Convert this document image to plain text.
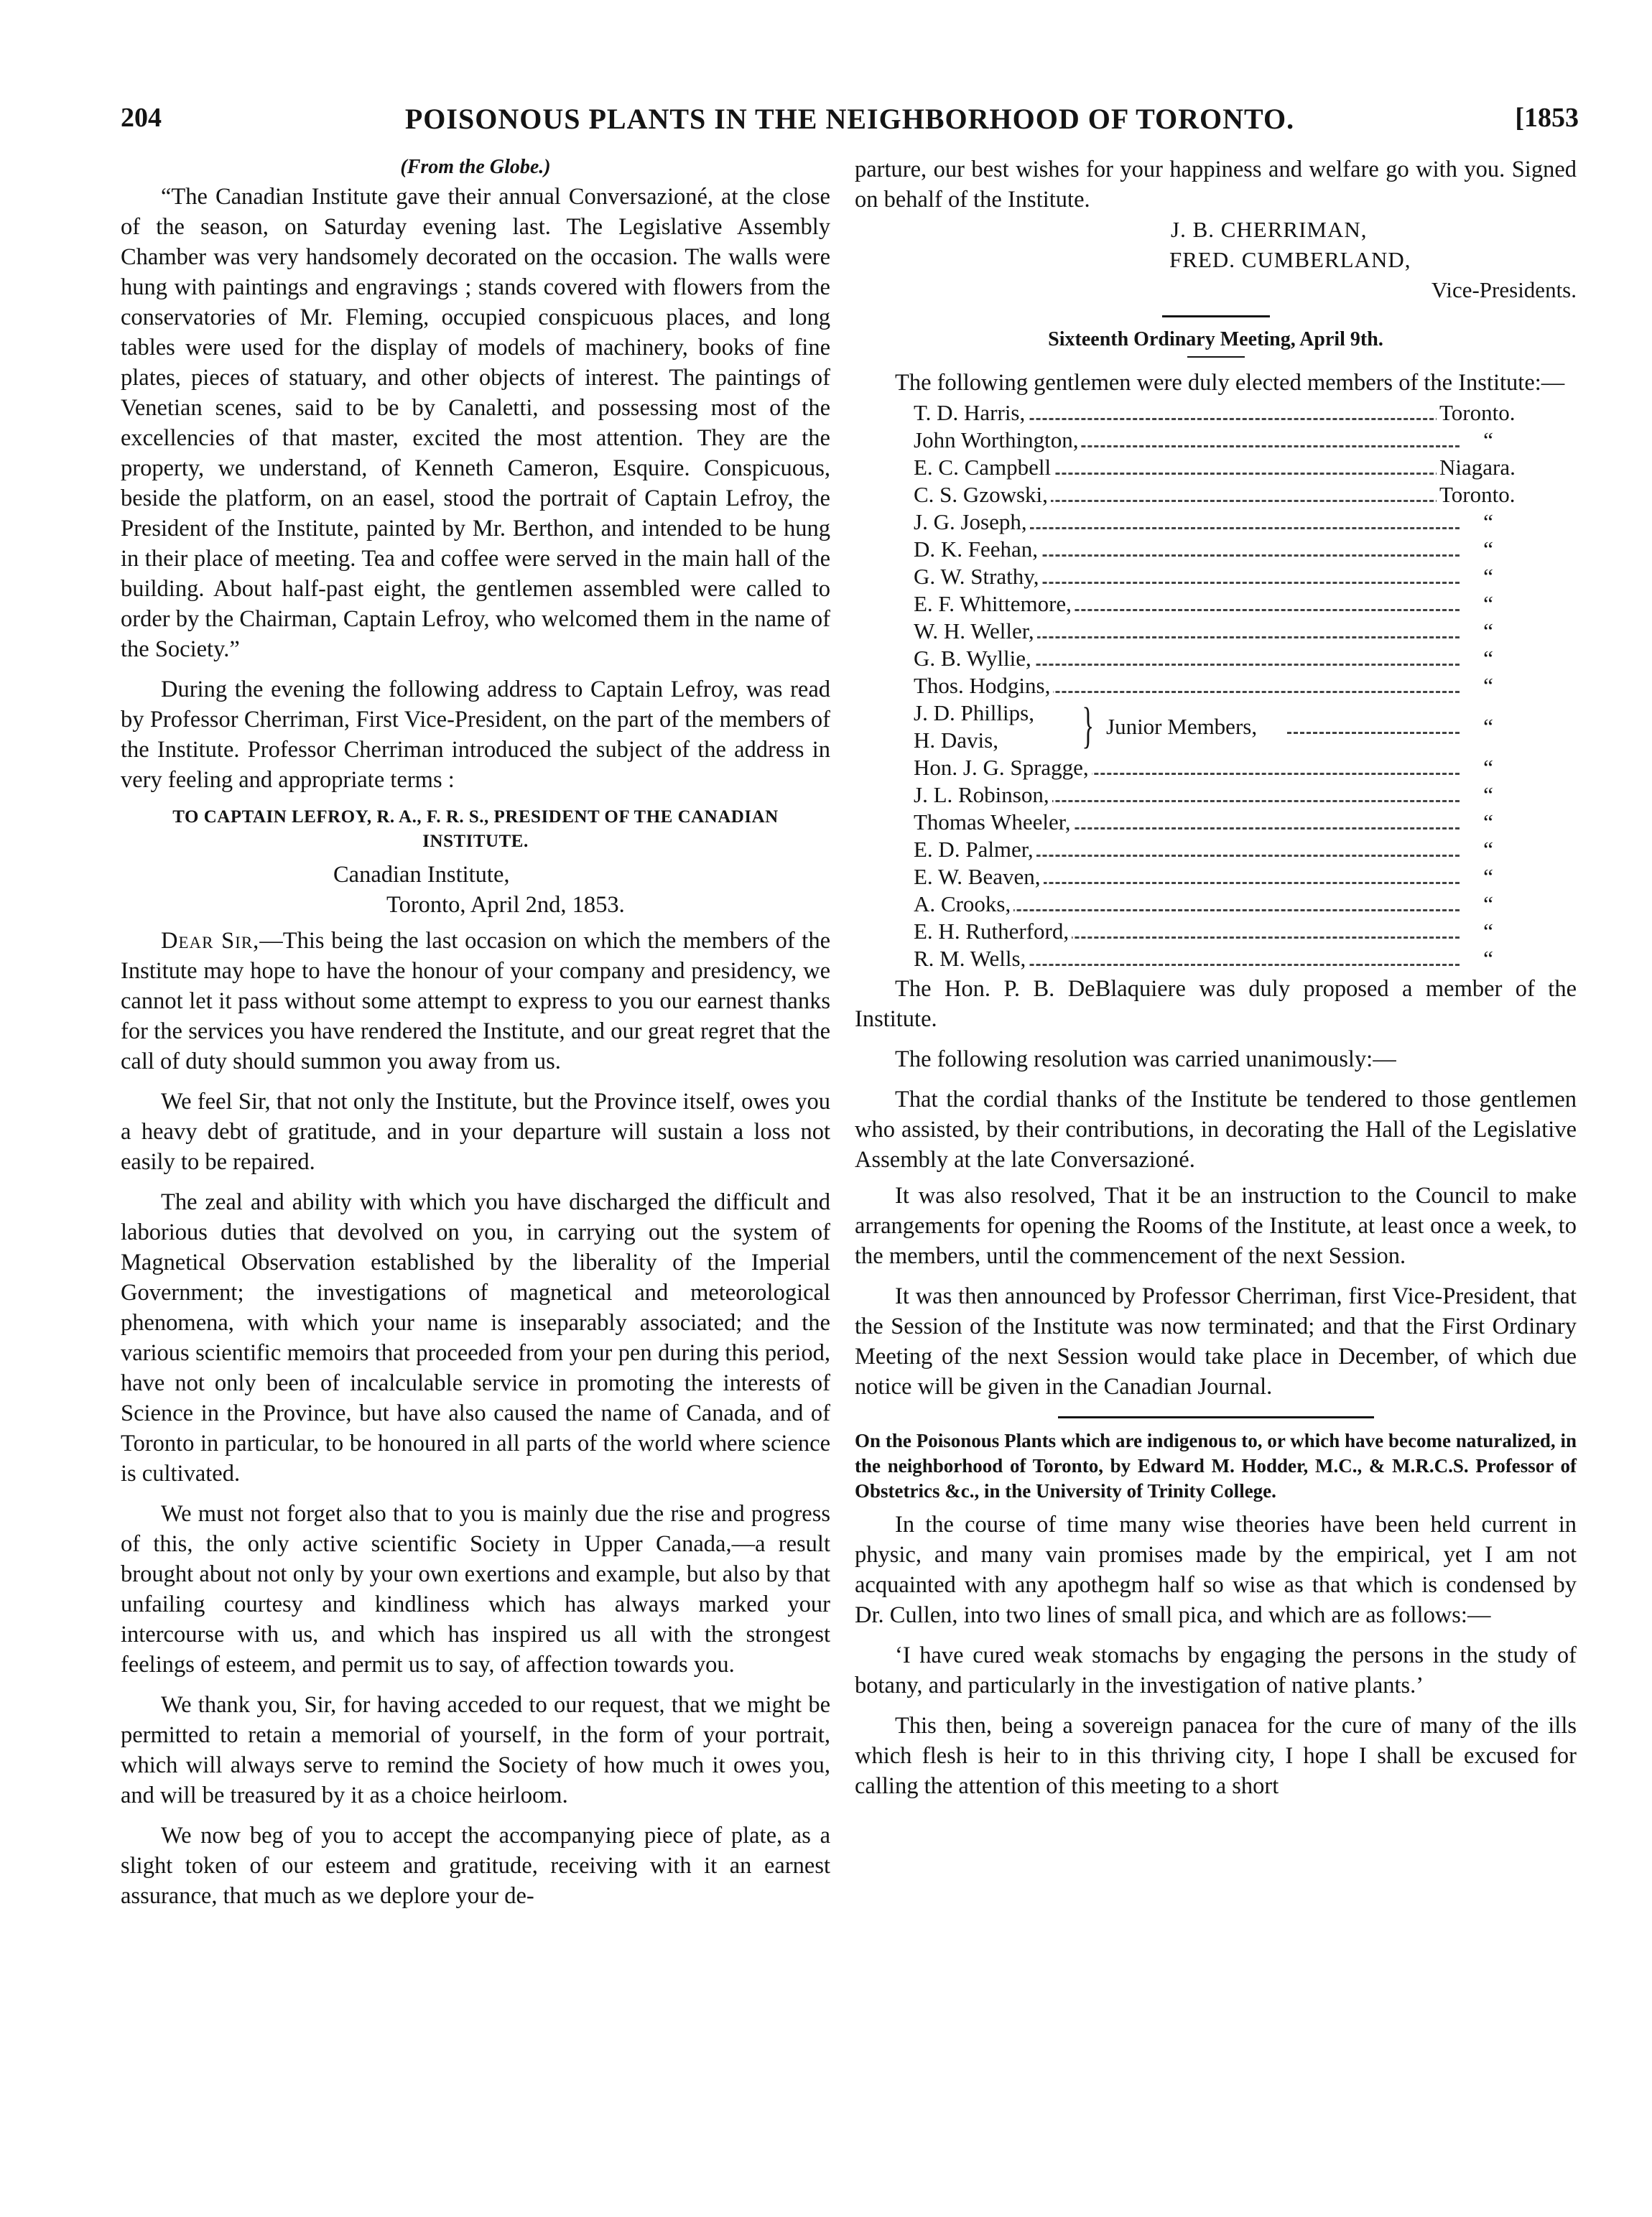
204	POISONOUS PLANTS IN THE NEIGHBORHOOD OF TORONTO.	[1853
(From the Globe.)

“The Canadian Institute gave their annual Conversazioné, at the close of the season, on Saturday evening last. The Legislative Assembly Chamber was very handsomely decorated on the occasion. The walls were hung with paintings and engravings ; stands covered with flowers from the conservatories of Mr. Fleming, occupied conspicuous places, and long tables were used for the display of models of machinery, books of fine plates, pieces of statuary, and other objects of interest. The paintings of Venetian scenes, said to be by Canaletti, and possessing most of the excellencies of that master, excited the most attention. They are the property, we understand, of Kenneth Cameron, Esquire. Conspicuous, beside the platform, on an easel, stood the portrait of Captain Lefroy, the President of the Institute, painted by Mr. Berthon, and intended to be hung in their place of meeting. Tea and coffee were served in the main hall of the building. About half-past eight, the gentlemen assembled were called to order by the Chairman, Captain Lefroy, who welcomed them in the name of the Society.”

During the evening the following address to Captain Lefroy, was read by Professor Cherriman, First Vice-President, on the part of the members of the Institute. Professor Cherriman introduced the subject of the address in very feeling and appropriate terms :

TO CAPTAIN LEFROY, R. A., F. R. S., PRESIDENT OF THE CANADIAN INSTITUTE.
Canadian Institute,
Toronto, April 2nd, 1853.

Dear Sir,—This being the last occasion on which the members of the Institute may hope to have the honour of your company and presidency, we cannot let it pass without some attempt to express to you our earnest thanks for the services you have rendered the Institute, and our great regret that the call of duty should summon you away from us.

We feel Sir, that not only the Institute, but the Province itself, owes you a heavy debt of gratitude, and in your departure will sustain a loss not easily to be repaired.

The zeal and ability with which you have discharged the difficult and laborious duties that devolved on you, in carrying out the system of Magnetical Observation established by the liberality of the Imperial Government; the investigations of magnetical and meteorological phenomena, with which your name is inseparably associated; and the various scientific memoirs that proceeded from your pen during this period, have not only been of incalculable service in promoting the interests of Science in the Province, but have also caused the name of Canada, and of Toronto in particular, to be honoured in all parts of the world where science is cultivated.

We must not forget also that to you is mainly due the rise and progress of this, the only active scientific Society in Upper Canada,—a result brought about not only by your own exertions and example, but also by that unfailing courtesy and kindliness which has always marked your intercourse with us, and which has inspired us all with the strongest feelings of esteem, and permit us to say, of affection towards you.

We thank you, Sir, for having acceded to our request, that we might be permitted to retain a memorial of yourself, in the form of your portrait, which will always serve to remind the Society of how much it owes you, and will be treasured by it as a choice heirloom.

We now beg of you to accept the accompanying piece of plate, as a slight token of our esteem and gratitude, receiving with it an earnest assurance, that much as we deplore your de-

parture, our best wishes for your happiness and welfare go with you. Signed on behalf of the Institute.

J. B. CHERRIMAN,
FRED. CUMBERLAND,
Vice-Presidents.
Sixteenth Ordinary Meeting, April 9th.

The following gentlemen were duly elected members of the Institute:—

T. D. Harris,	Toronto.
John Worthington,	“
E. C. Campbell	Niagara.
C. S. Gzowski,	Toronto.
J. G. Joseph,	“
D. K. Feehan,	“
G. W. Strathy,	“
E. F. Whittemore,	“
W. H. Weller,	“
G. B. Wyllie,	“
Thos. Hodgins,	“
J. D. Phillips,
H. Davis, } Junior Members,	“
Hon. J. G. Spragge,	“
J. L. Robinson,	“
Thomas Wheeler,	“
E. D. Palmer,	“
E. W. Beaven,	“
A. Crooks,	“
E. H. Rutherford,	“
R. M. Wells,	“

The Hon. P. B. DeBlaquiere was duly proposed a member of the Institute.

The following resolution was carried unanimously:—

That the cordial thanks of the Institute be tendered to those gentlemen who assisted, by their contributions, in decorating the Hall of the Legislative Assembly at the late Conversazioné.

It was also resolved, That it be an instruction to the Council to make arrangements for opening the Rooms of the Institute, at least once a week, to the members, until the commencement of the next Session.

It was then announced by Professor Cherriman, first Vice-President, that the Session of the Institute was now terminated; and that the First Ordinary Meeting of the next Session would take place in December, of which due notice will be given in the Canadian Journal.

On the Poisonous Plants which are indigenous to, or which have become naturalized, in the neighborhood of Toronto, by Edward M. Hodder, M.C., & M.R.C.S. Professor of Obstetrics &c., in the University of Trinity College.

In the course of time many wise theories have been held current in physic, and many vain promises made by the empirical, yet I am not acquainted with any apothegm half so wise as that which is condensed by Dr. Cullen, into two lines of small pica, and which are as follows:—

‘I have cured weak stomachs by engaging the persons in the study of botany, and particularly in the investigation of native plants.’

This then, being a sovereign panacea for the cure of many of the ills which flesh is heir to in this thriving city, I hope I shall be excused for calling the attention of this meeting to a short
